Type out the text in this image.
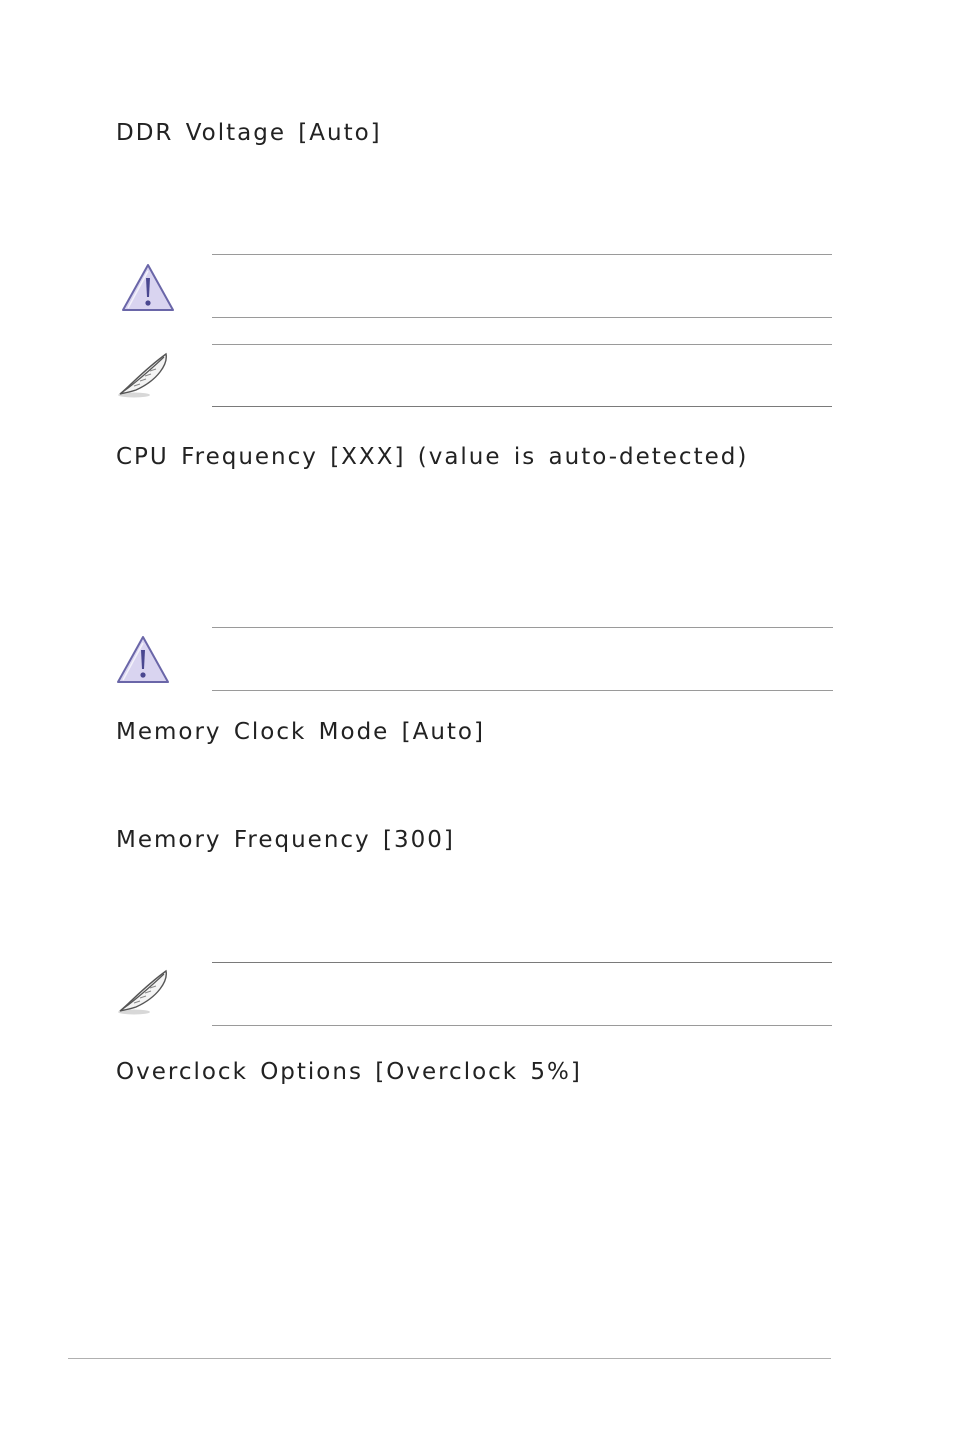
DDR Voltage [Auto]
CPU Frequency [XXX] (value is auto-detected)
Memory Clock Mode [Auto]
Memory Frequency [300]
Overclock Options [Overclock 5%]
